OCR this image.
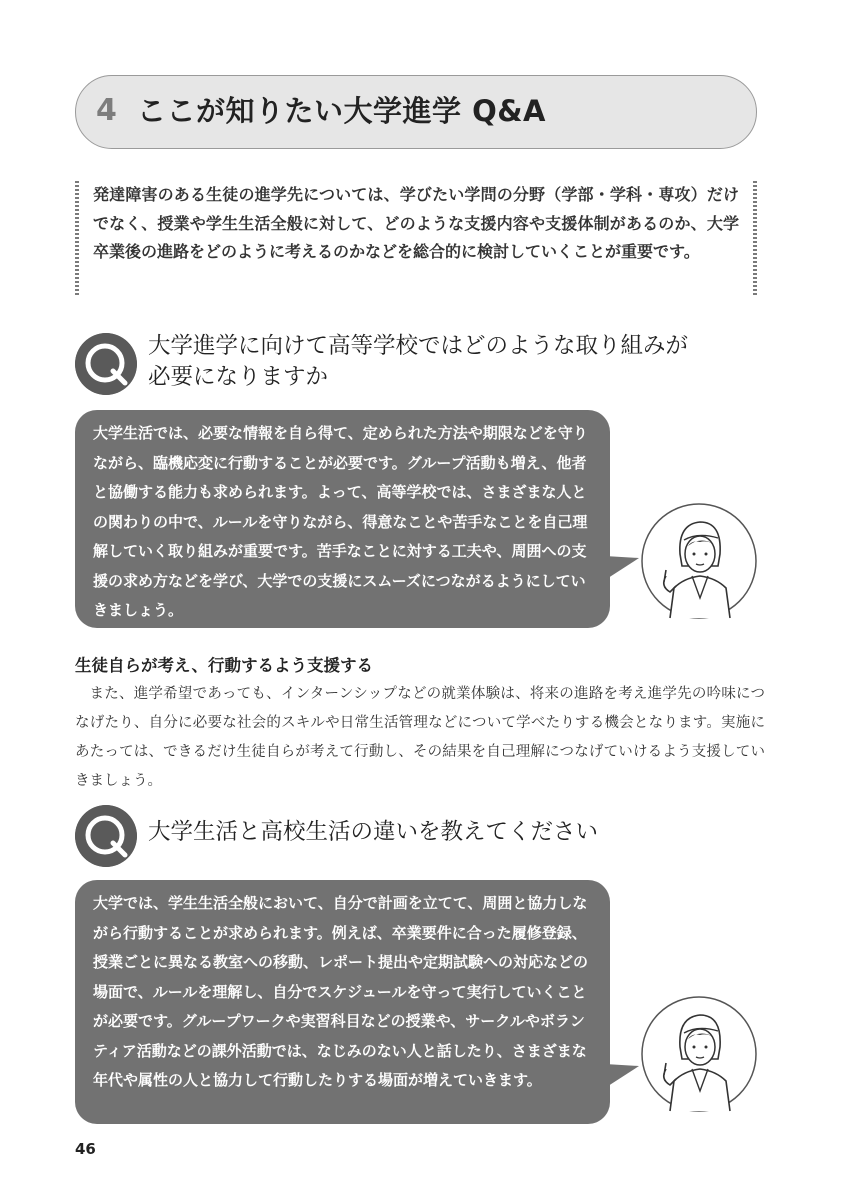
4 ここが知りたい大学進学 Q&A
発達障害のある生徒の進学先については、学びたい学問の分野（学部・学科・専攻）だけでなく、授業や学生生活全般に対して、どのような支援内容や支援体制があるのか、大学卒業後の進路をどのように考えるのかなどを総合的に検討していくことが重要です。
大学進学に向けて高等学校ではどのような取り組みが
必要になりますか
大学生活では、必要な情報を自ら得て、定められた方法や期限などを守りながら、臨機応変に行動することが必要です。グループ活動も増え、他者と協働する能力も求められます。よって、高等学校では、さまざまな人との関わりの中で、ルールを守りながら、得意なことや苦手なことを自己理解していく取り組みが重要です。苦手なことに対する工夫や、周囲への支援の求め方などを学び、大学での支援にスムーズにつながるようにしていきましょう。
生徒自らが考え、行動するよう支援する
また、進学希望であっても、インターンシップなどの就業体験は、将来の進路を考え進学先の吟味につなげたり、自分に必要な社会的スキルや日常生活管理などについて学べたりする機会となります。実施にあたっては、できるだけ生徒自らが考えて行動し、その結果を自己理解につなげていけるよう支援していきましょう。
大学生活と高校生活の違いを教えてください
大学では、学生生活全般において、自分で計画を立てて、周囲と協力しながら行動することが求められます。例えば、卒業要件に合った履修登録、授業ごとに異なる教室への移動、レポート提出や定期試験への対応などの場面で、ルールを理解し、自分でスケジュールを守って実行していくことが必要です。グループワークや実習科目などの授業や、サークルやボランティア活動などの課外活動では、なじみのない人と話したり、さまざまな年代や属性の人と協力して行動したりする場面が増えていきます。
46
